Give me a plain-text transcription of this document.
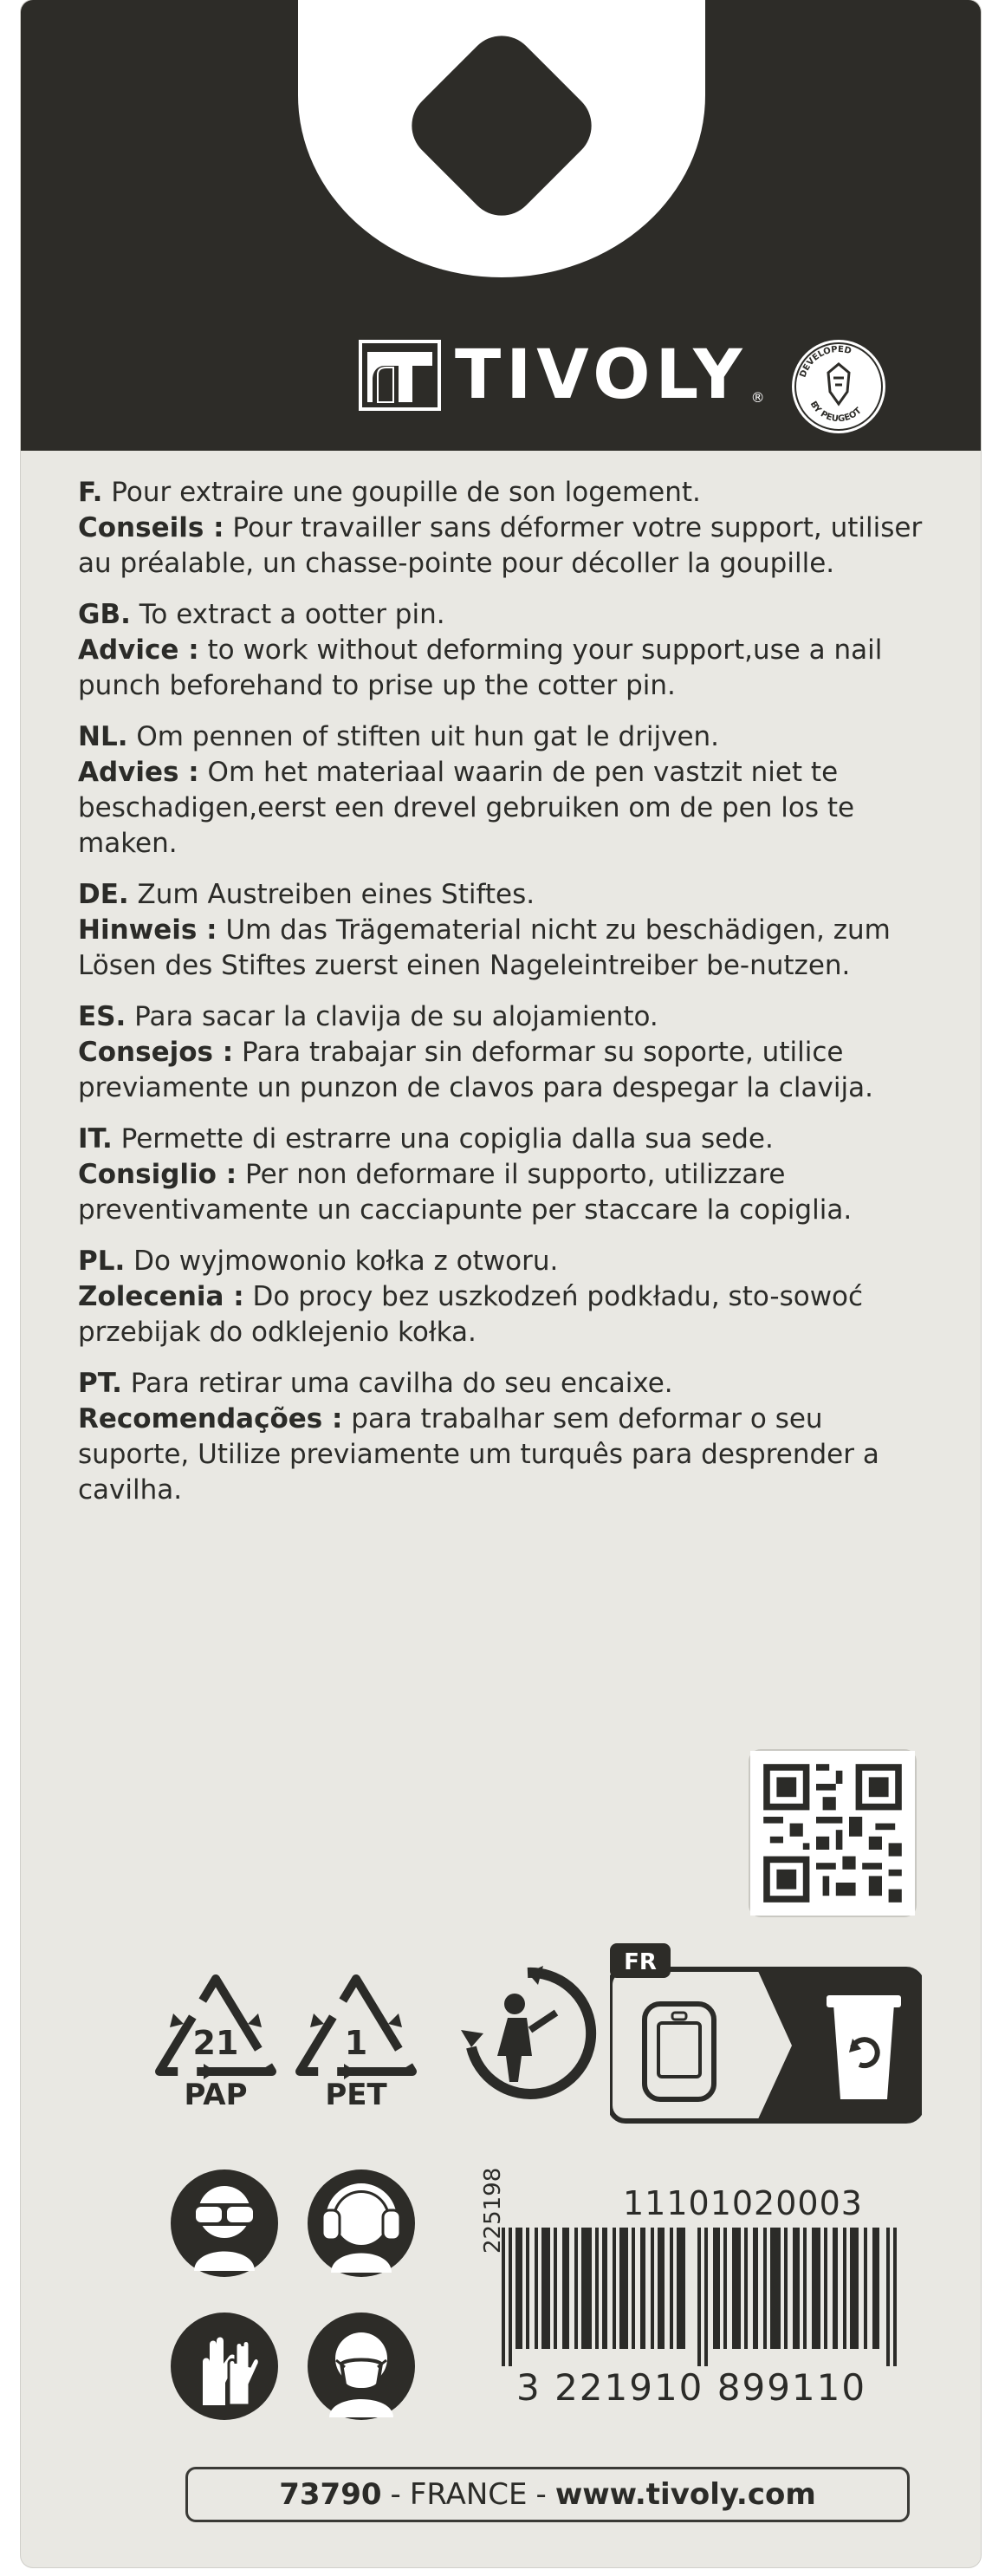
TIVOLY ®
DEVELOPED
BY PEUGEOT

F. Pour extraire une goupille de son logement.

Conseils : Pour travailler sans déformer votre support, utiliser au préalable, un chasse-pointe pour décoller la goupille.

GB. To extract a ootter pin.

Advice : to work without deforming your support,use a nail punch beforehand to prise up the cotter pin.

NL. Om pennen of stiften uit hun gat le drijven.

Advies : Om het materiaal waarin de pen vastzit niet te beschadigen,eerst een drevel gebruiken om de pen los te maken.

DE. Zum Austreiben eines Stiftes.

Hinweis : Um das Trägematerial nicht zu beschädigen, zum Lösen des Stiftes zuerst einen Nageleintreiber be-nutzen.

ES. Para sacar la clavija de su alojamiento.

Consejos : Para trabajar sin deformar su soporte, utilice previamente un punzon de clavos para despegar la clavija.

IT. Permette di estrarre una copiglia dalla sua sede.

Consiglio : Per non deformare il supporto, utilizzare preventivamente un cacciapunte per staccare la copiglia.

PL. Do wyjmowonio kołka z otworu.

Zolecenia : Do procy bez uszkodzeń podkładu, sto-sowoć przebijak do odklejenio kołka.

PT. Para retirar uma cavilha do seu encaixe.

Recomendações : para trabalhar sem deformar o seu suporte, Utilize previamente um turquês para desprender a cavilha.

21
PAP
1
PET
FR
11101020003
225198
3 221910 899110
73790 - FRANCE - www.tivoly.com
